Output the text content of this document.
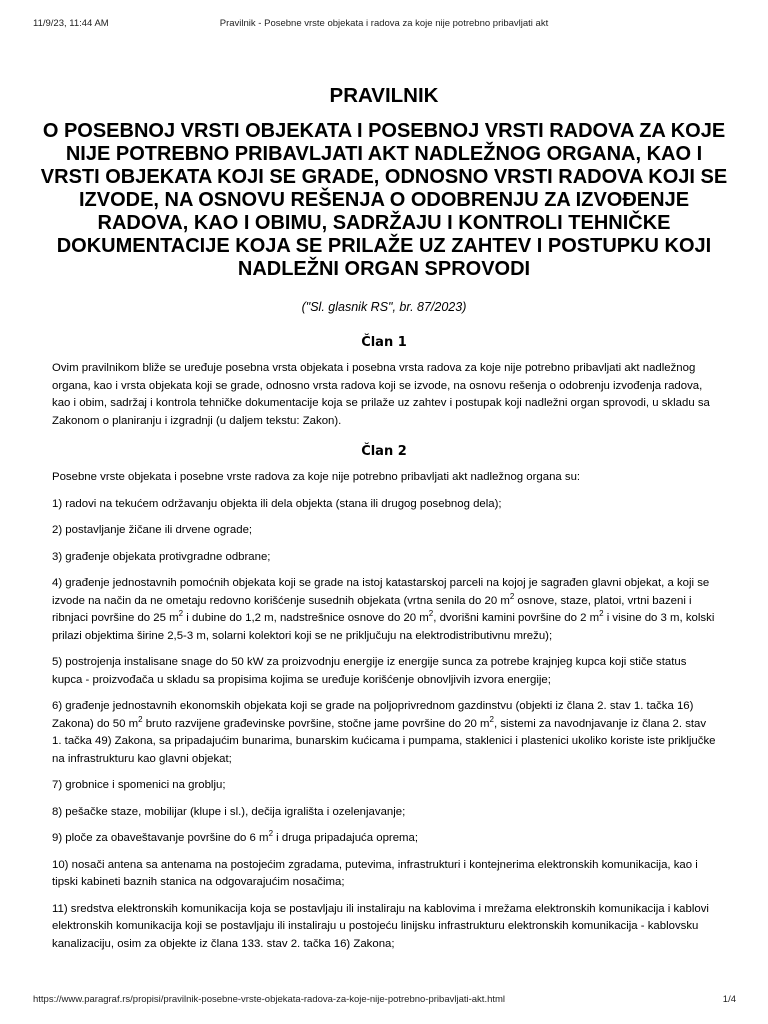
11/9/23, 11:44 AM	Pravilnik - Posebne vrste objekata i radova za koje nije potrebno pribavljati akt
PRAVILNIK
O POSEBNOJ VRSTI OBJEKATA I POSEBNOJ VRSTI RADOVA ZA KOJE NIJE POTREBNO PRIBAVLJATI AKT NADLEŽNOG ORGANA, KAO I VRSTI OBJEKATA KOJI SE GRADE, ODNOSNO VRSTI RADOVA KOJI SE IZVODE, NA OSNOVU REŠENJA O ODOBRENJU ZA IZVOĐENJE RADOVA, KAO I OBIMU, SADRŽAJU I KONTROLI TEHNIČKE DOKUMENTACIJE KOJA SE PRILAŽE UZ ZAHTEV I POSTUPKU KOJI NADLEŽNI ORGAN SPROVODI
("Sl. glasnik RS", br. 87/2023)
Član 1
Ovim pravilnikom bliže se uređuje posebna vrsta objekata i posebna vrsta radova za koje nije potrebno pribavljati akt nadležnog organa, kao i vrsta objekata koji se grade, odnosno vrsta radova koji se izvode, na osnovu rešenja o odobrenju izvođenja radova, kao i obim, sadržaj i kontrola tehničke dokumentacije koja se prilaže uz zahtev i postupak koji nadležni organ sprovodi, u skladu sa Zakonom o planiranju i izgradnji (u daljem tekstu: Zakon).
Član 2
Posebne vrste objekata i posebne vrste radova za koje nije potrebno pribavljati akt nadležnog organa su:
1) radovi na tekućem održavanju objekta ili dela objekta (stana ili drugog posebnog dela);
2) postavljanje žičane ili drvene ograde;
3) građenje objekata protivgradne odbrane;
4) građenje jednostavnih pomoćnih objekata koji se grade na istoj katastarskoj parceli na kojoj je sagrađen glavni objekat, a koji se izvode na način da ne ometaju redovno korišćenje susednih objekata (vrtna senila do 20 $m^2$ osnove, staze, platoi, vrtni bazeni i ribnjaci površine do 25 $m^2$ i dubine do 1,2 m, nadstrešnice osnove do 20 $m^2$, dvorišni kamini površine do 2 $m^2$ i visine do 3 m, kolski prilazi objektima širine 2,5-3 m, solarni kolektori koji se ne priključuju na elektrodistributivnu mrežu);
5) postrojenja instalisane snage do 50 kW za proizvodnju energije iz energije sunca za potrebe krajnjeg kupca koji stiče status kupca - proizvođača u skladu sa propisima kojima se uređuje korišćenje obnovljivih izvora energije;
6) građenje jednostavnih ekonomskih objekata koji se grade na poljoprivrednom gazdinstvu (objekti iz člana 2. stav 1. tačka 16) Zakona) do 50 $m^2$ bruto razvijene građevinske površine, stočne jame površine do 20 $m^2$, sistemi za navodnjavanje iz člana 2. stav 1. tačka 49) Zakona, sa pripadajućim bunarima, bunarskim kućicama i pumpama, staklenici i plastenici ukoliko koriste iste priključke na infrastrukturu kao glavni objekat;
7) grobnice i spomenici na groblju;
8) pešačke staze, mobilijar (klupe i sl.), dečija igrališta i ozelenjavanje;
9) ploče za obaveštavanje površine do 6 $m^2$ i druga pripadajuća oprema;
10) nosači antena sa antenama na postojećim zgradama, putevima, infrastrukturi i kontejnerima elektronskih komunikacija, kao i tipski kabineti baznih stanica na odgovarajućim nosačima;
11) sredstva elektronskih komunikacija koja se postavljaju ili instaliraju na kablovima i mrežama elektronskih komunikacija i kablovi elektronskih komunikacija koji se postavljaju ili instaliraju u postojeću linijsku infrastrukturu elektronskih komunikacija - kablovsku kanalizaciju, osim za objekte iz člana 133. stav 2. tačka 16) Zakona;
https://www.paragraf.rs/propisi/pravilnik-posebne-vrste-objekata-radova-za-koje-nije-potrebno-pribavljati-akt.html	1/4
